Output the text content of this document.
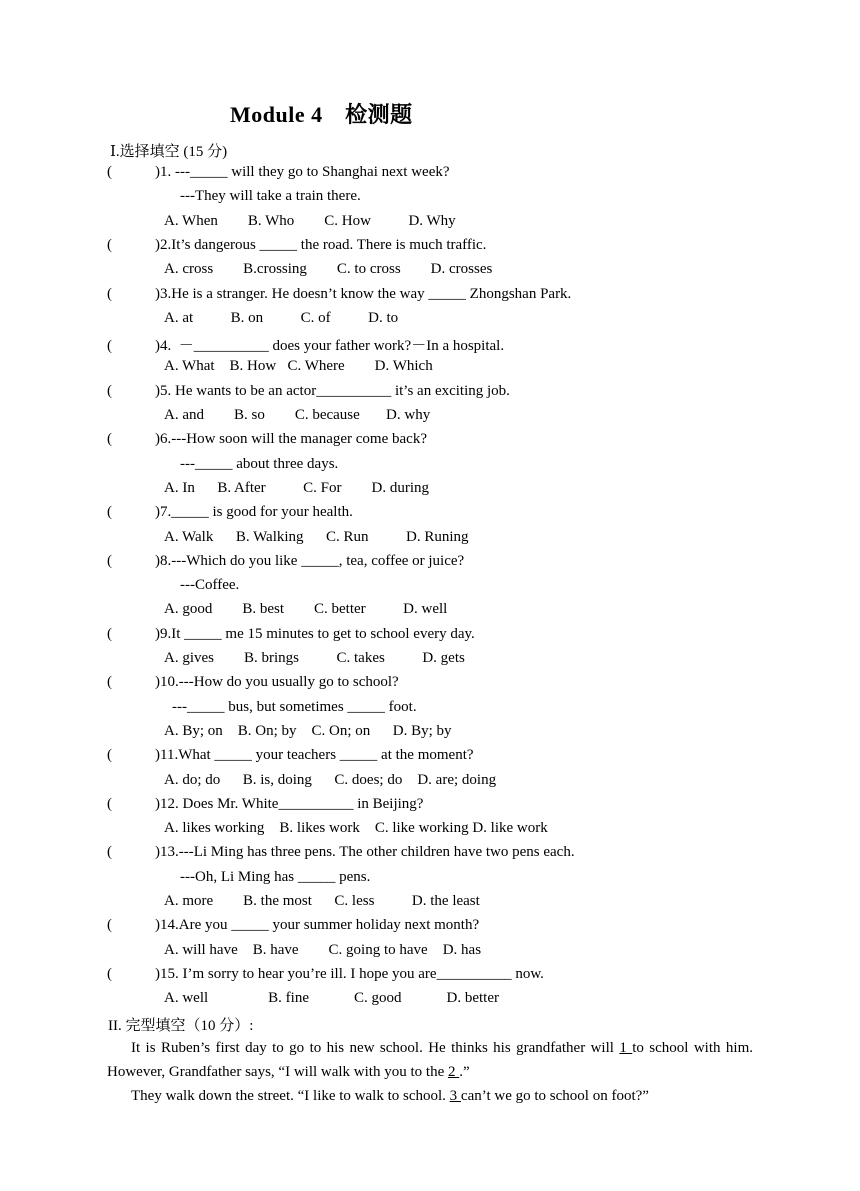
Module 4　检测题
Ⅰ.选择填空 (15 分)
(	)1. ---_____ will they go to Shanghai next week?
---They will take a train there.
A. When        B. Who        C. How          D. Why
(	)2.It’s dangerous _____ the road. There is much traffic.
A. cross        B.crossing        C. to cross        D. crosses
(	)3.He is a stranger. He doesn’t know the way _____ Zhongshan Park.
A. at          B. on          C. of          D. to
(	)4.  －__________ does your father work?－In a hospital.
A. What    B. How   C. Where        D. Which
(	)5. He wants to be an actor__________ it’s an exciting job.
A. and        B. so        C. because       D. why
(	)6.---How soon will the manager come back?
---_____ about three days.
A. In      B. After          C. For        D. during
(	)7._____ is good for your health.
A. Walk      B. Walking      C. Run          D. Runing
(	)8.---Which do you like _____, tea, coffee or juice?
---Coffee.
A. good        B. best        C. better          D. well
(	)9.It _____ me 15 minutes to get to school every day.
A. gives        B. brings          C. takes          D. gets
(	)10.---How do you usually go to school?
---_____ bus, but sometimes _____ foot.
A. By; on    B. On; by    C. On; on      D. By; by
(	)11.What _____ your teachers _____ at the moment?
A. do; do      B. is, doing      C. does; do    D. are; doing
(	)12. Does Mr. White__________ in Beijing?
A. likes working    B. likes work    C. like working D. like work
(	)13.---Li Ming has three pens. The other children have two pens each.
---Oh, Li Ming has _____ pens.
A. more        B. the most      C. less          D. the least
(	)14.Are you _____ your summer holiday next month?
A. will have    B. have        C. going to have    D. has
(	)15. I’m sorry to hear you’re ill. I hope you are__________ now.
A. well                B. fine            C. good            D. better
II. 完型填空（10 分）:

It is Ruben’s first day to go to his new school. He thinks his grandfather will 1 to school with him. However, Grandfather says, “I will walk with you to the 2 .”

They walk down the street. “I like to walk to school. 3 can’t we go to school on foot?”
